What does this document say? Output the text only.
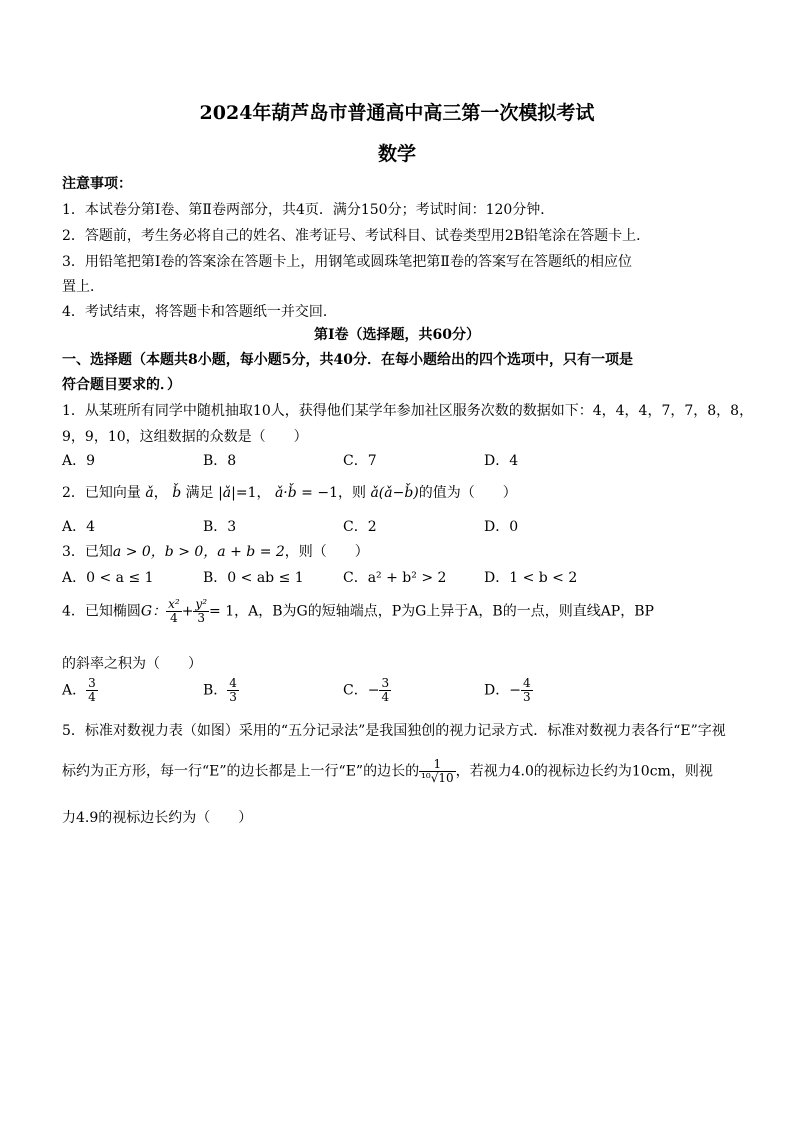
2024年葫芦岛市普通高中高三第一次模拟考试
数学
注意事项：
1．本试卷分第Ⅰ卷、第Ⅱ卷两部分，共4页．满分150分；考试时间：120分钟．
2．答题前，考生务必将自己的姓名、准考证号、考试科目、试卷类型用2B铅笔涂在答题卡上．
3．用铅笔把第Ⅰ卷的答案涂在答题卡上，用钢笔或圆珠笔把第Ⅱ卷的答案写在答题纸的相应位
置上．
4．考试结束，将答题卡和答题纸一并交回．
第Ⅰ卷（选择题，共60分）
一、选择题（本题共8小题，每小题5分，共40分．在每小题给出的四个选项中，只有一项是
符合题目要求的．）
1．从某班所有同学中随机抽取10人，获得他们某学年参加社区服务次数的数据如下：4，4，4，7，7，8，8，
9，9，10，这组数据的众数是（　　）
A．9	B．8	C．7	D．4
2．已知向量 ǎ， b̌ 满足 |ǎ|=1， ǎ·b̌ = −1，则 ǎ(ǎ−b̌)的值为（　　）
A．4	B．3	C．2	D．0
3．已知a > 0，b > 0，a + b = 2，则（　　）
A．0 < a ≤ 1	B．0 < ab ≤ 1	C．a² + b² > 2	D．1 < b < 2
4．已知椭圆G： $\frac{\text{x²}}{4} + \frac{\text{y²}}{3} = 1$，A，B为G的短轴端点，P为G上异于A，B的一点，则直线AP，BP
的斜率之积为（　　）
A． $\frac{3}{4}$	B． $\frac{4}{3}$	C．− $\frac{3}{4}$	D．− $\frac{4}{3}$
5．标准对数视力表（如图）采用的“五分记录法”是我国独创的视力记录方式．标准对数视力表各行“E”字视
标约为正方形，每一行“E”的边长都是上一行“E”的边长的 $\frac{1}{\text{¹⁰√10}}$ ，若视力4.0的视标边长约为10cm，则视
力4.9的视标边长约为（　　）
